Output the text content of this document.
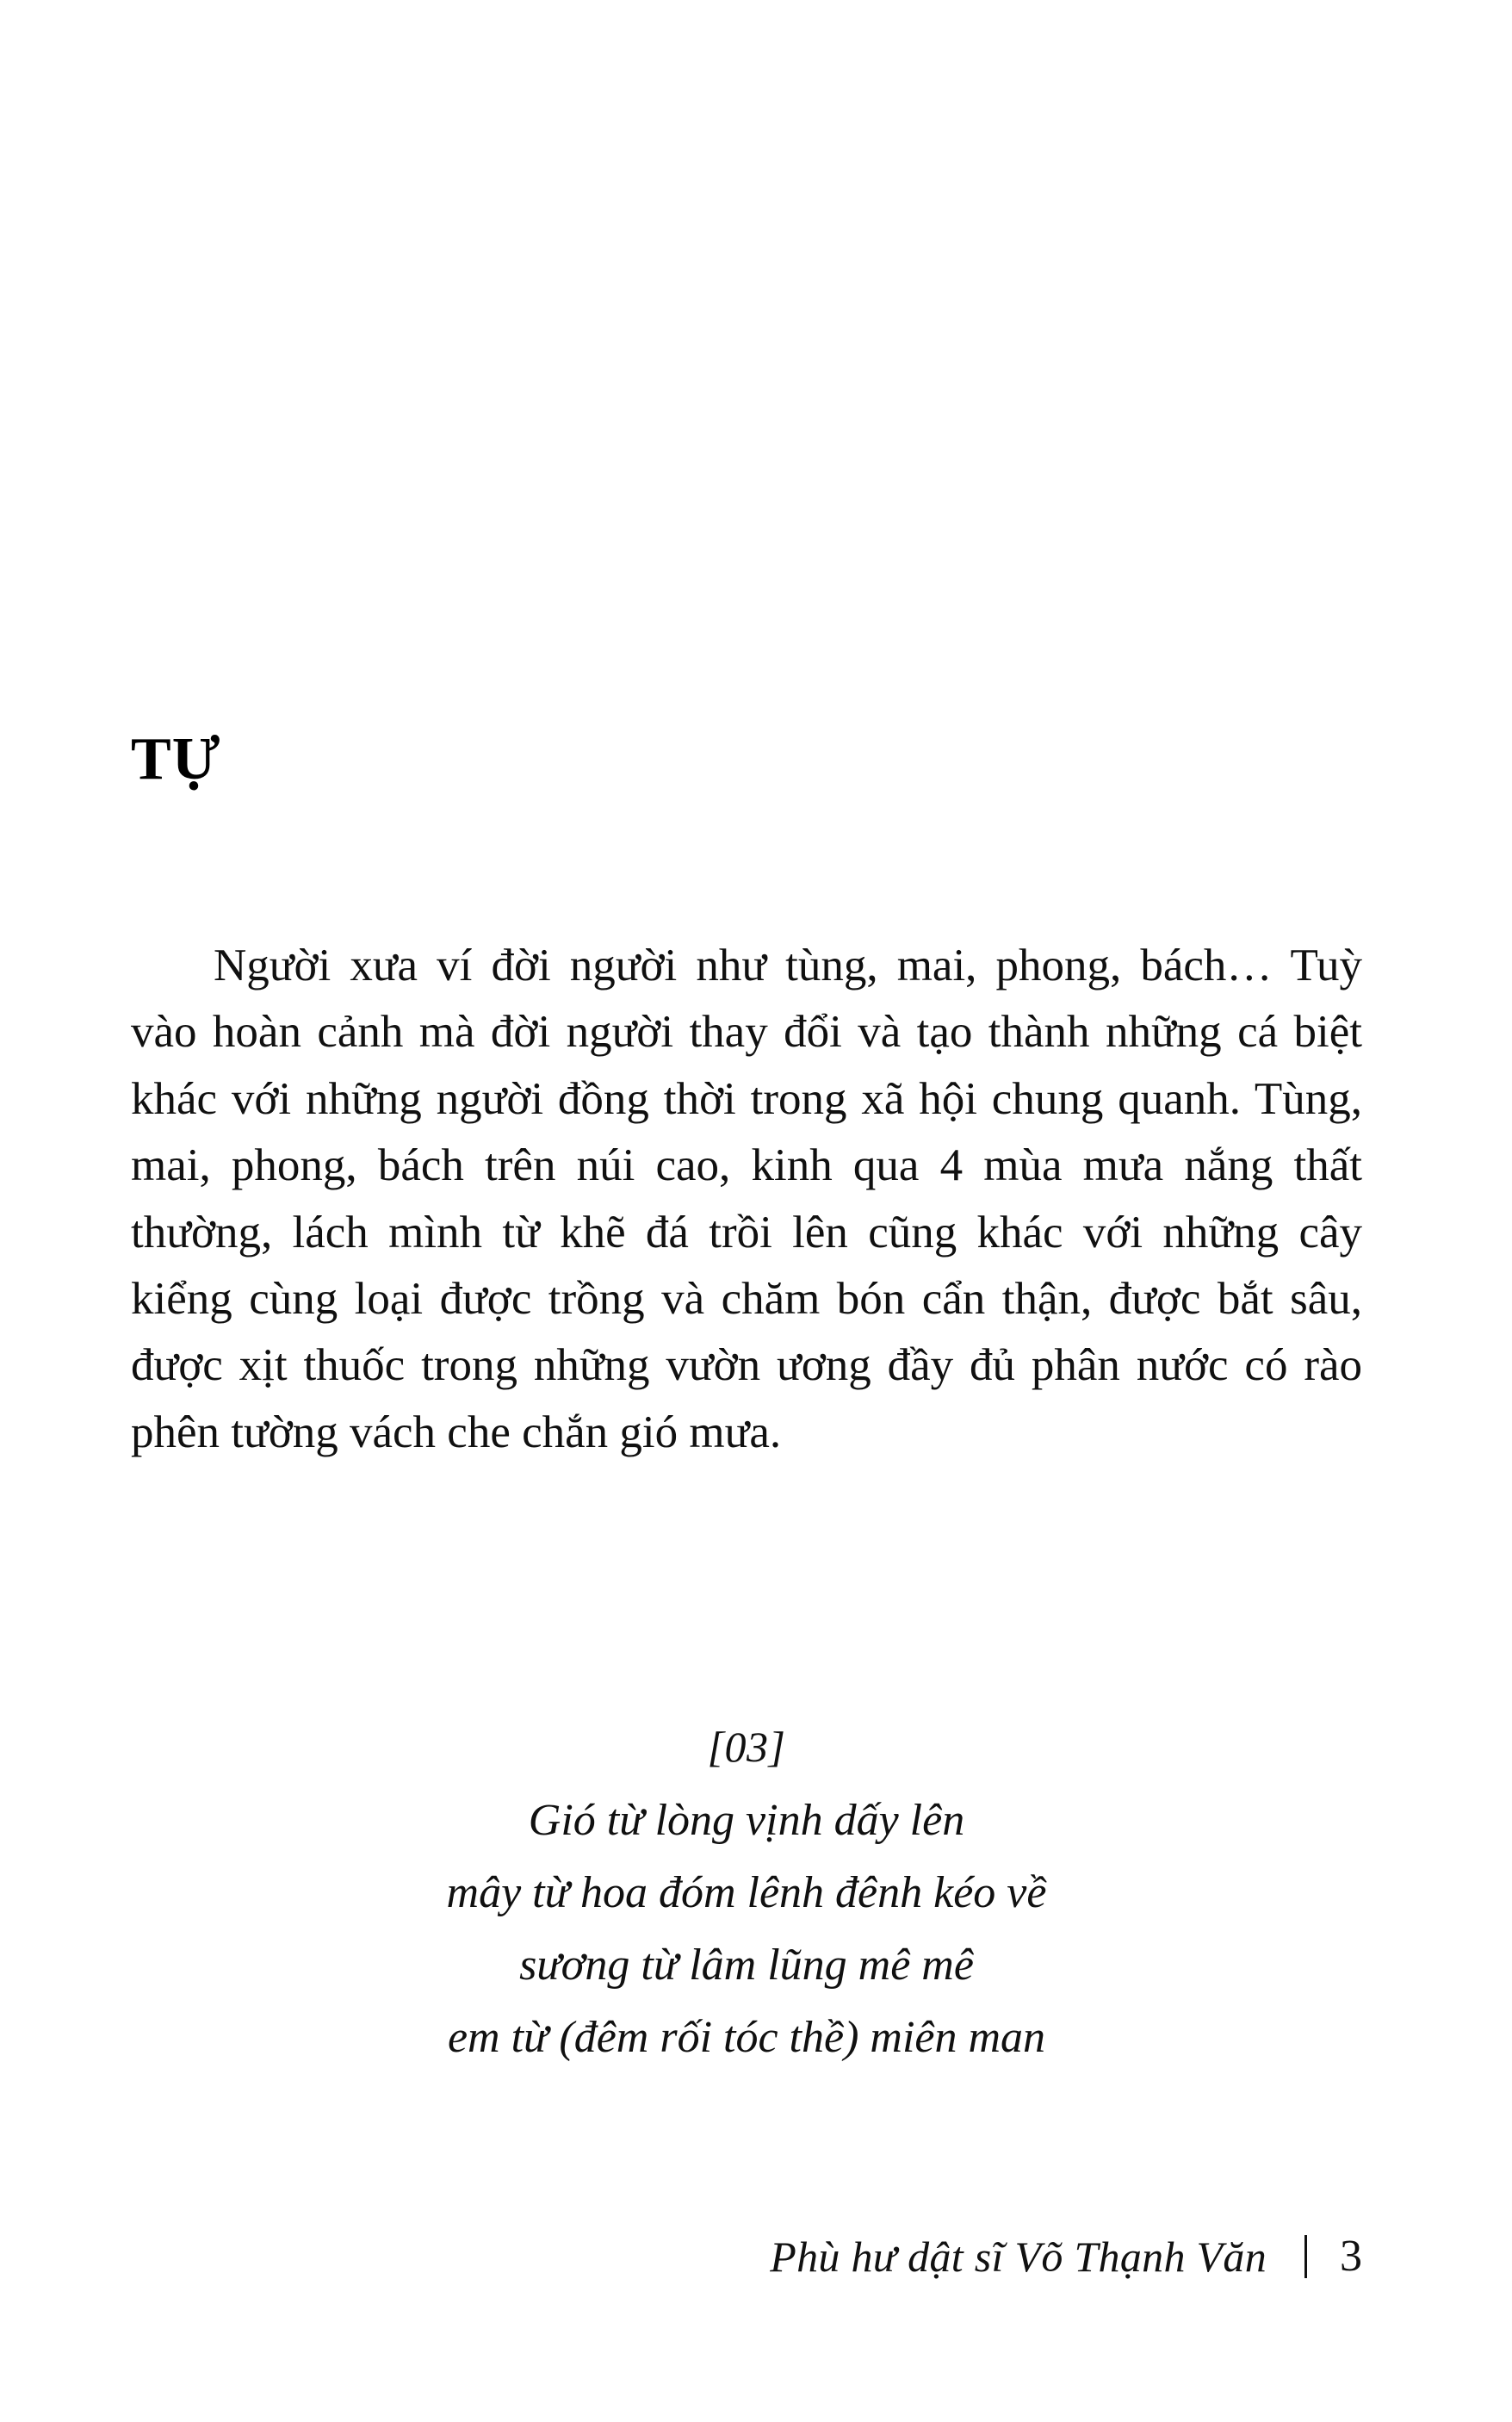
TỰ

Người xưa ví đời người như tùng, mai, phong, bách… Tuỳ vào hoàn cảnh mà đời người thay đổi và tạo thành những cá biệt khác với những người đồng thời trong xã hội chung quanh. Tùng, mai, phong, bách trên núi cao, kinh qua 4 mùa mưa nắng thất thường, lách mình từ khẽ đá trồi lên cũng khác với những cây kiểng cùng loại được trồng và chăm bón cẩn thận, được bắt sâu, được xịt thuốc trong những vườn ương đầy đủ phân nước có rào phên tường vách che chắn gió mưa.

[03]
Gió từ lòng vịnh dấy lên
mây từ hoa đóm lênh đênh kéo về
sương từ lâm lũng mê mê
em từ (đêm rối tóc thề) miên man
Phù hư dật sĩ Võ Thạnh Văn 3
